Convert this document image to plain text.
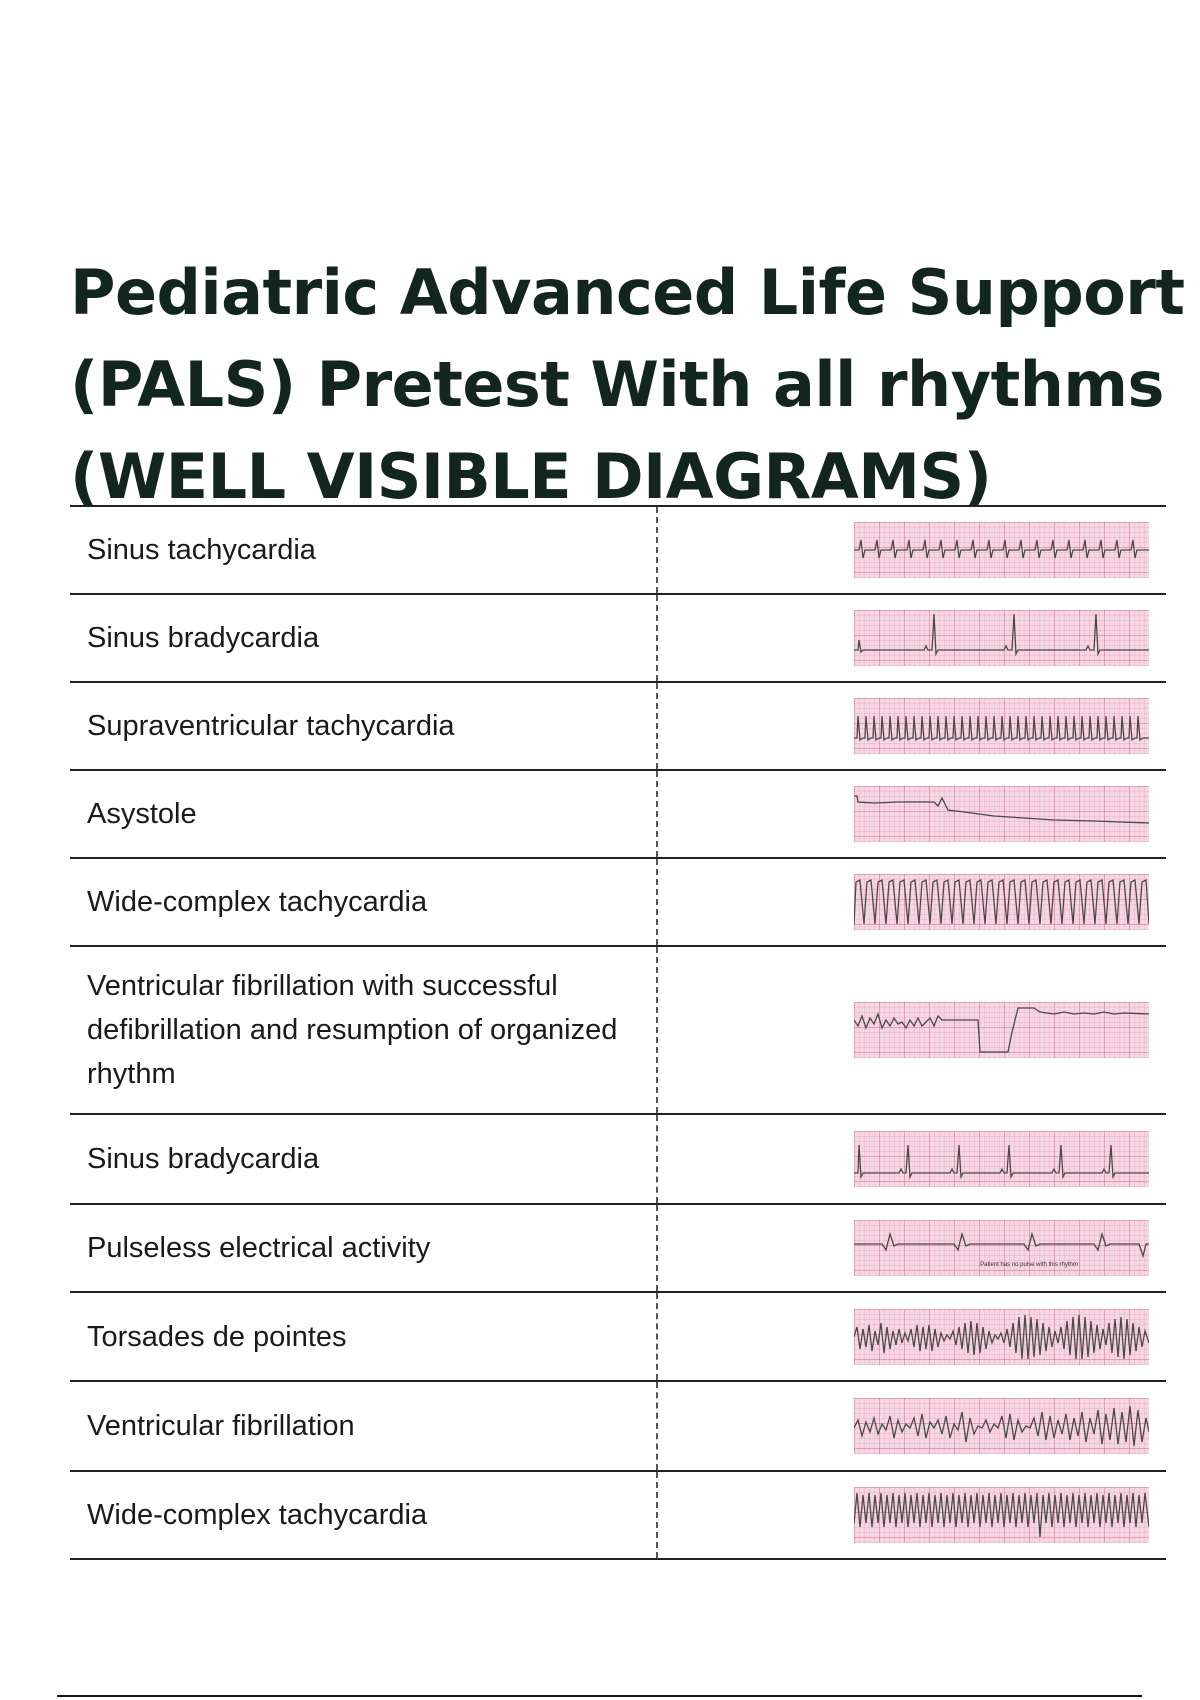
Pediatric Advanced Life Support
(PALS) Pretest With all rhythms
(WELL VISIBLE DIAGRAMS)
Sinus tachycardia	

Sinus bradycardia	

Supraventricular tachycardia	

Asystole	

Wide-complex tachycardia	

Ventricular fibrillation with successful defibrillation and resumption of organized rhythm	

Sinus bradycardia	

Pulseless electrical activity	Patient has no pulse with this rhythm

Torsades de pointes	

Ventricular fibrillation	

Wide-complex tachycardia	
